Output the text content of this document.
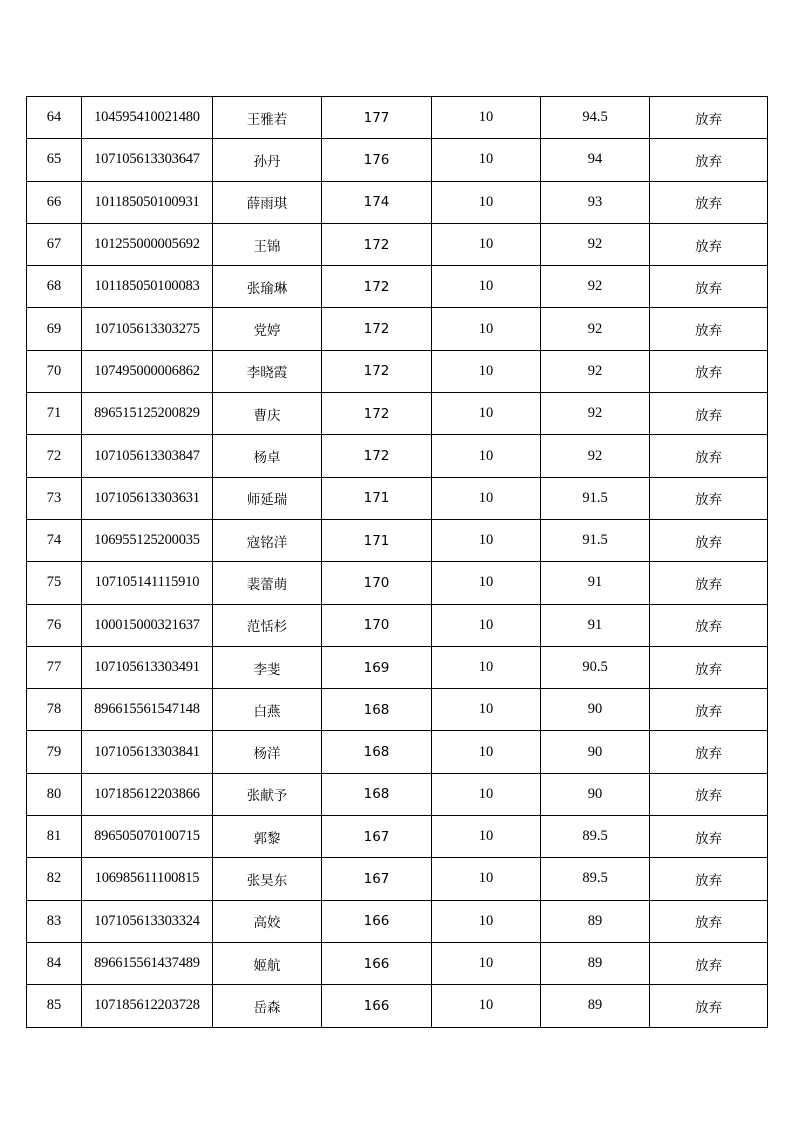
64	104595410021480	王雅若	177	10	94.5	放弃
65	107105613303647	孙丹	176	10	94	放弃
66	101185050100931	薛雨琪	174	10	93	放弃
67	101255000005692	王锦	172	10	92	放弃
68	101185050100083	张瑜琳	172	10	92	放弃
69	107105613303275	党婷	172	10	92	放弃
70	107495000006862	李晓霞	172	10	92	放弃
71	896515125200829	曹庆	172	10	92	放弃
72	107105613303847	杨卓	172	10	92	放弃
73	107105613303631	师延瑞	171	10	91.5	放弃
74	106955125200035	寇铭洋	171	10	91.5	放弃
75	107105141115910	裴蕾萌	170	10	91	放弃
76	100015000321637	范恬杉	170	10	91	放弃
77	107105613303491	李斐	169	10	90.5	放弃
78	896615561547148	白燕	168	10	90	放弃
79	107105613303841	杨洋	168	10	90	放弃
80	107185612203866	张献予	168	10	90	放弃
81	896505070100715	郭黎	167	10	89.5	放弃
82	106985611100815	张昊东	167	10	89.5	放弃
83	107105613303324	高姣	166	10	89	放弃
84	896615561437489	姬航	166	10	89	放弃
85	107185612203728	岳森	166	10	89	放弃
